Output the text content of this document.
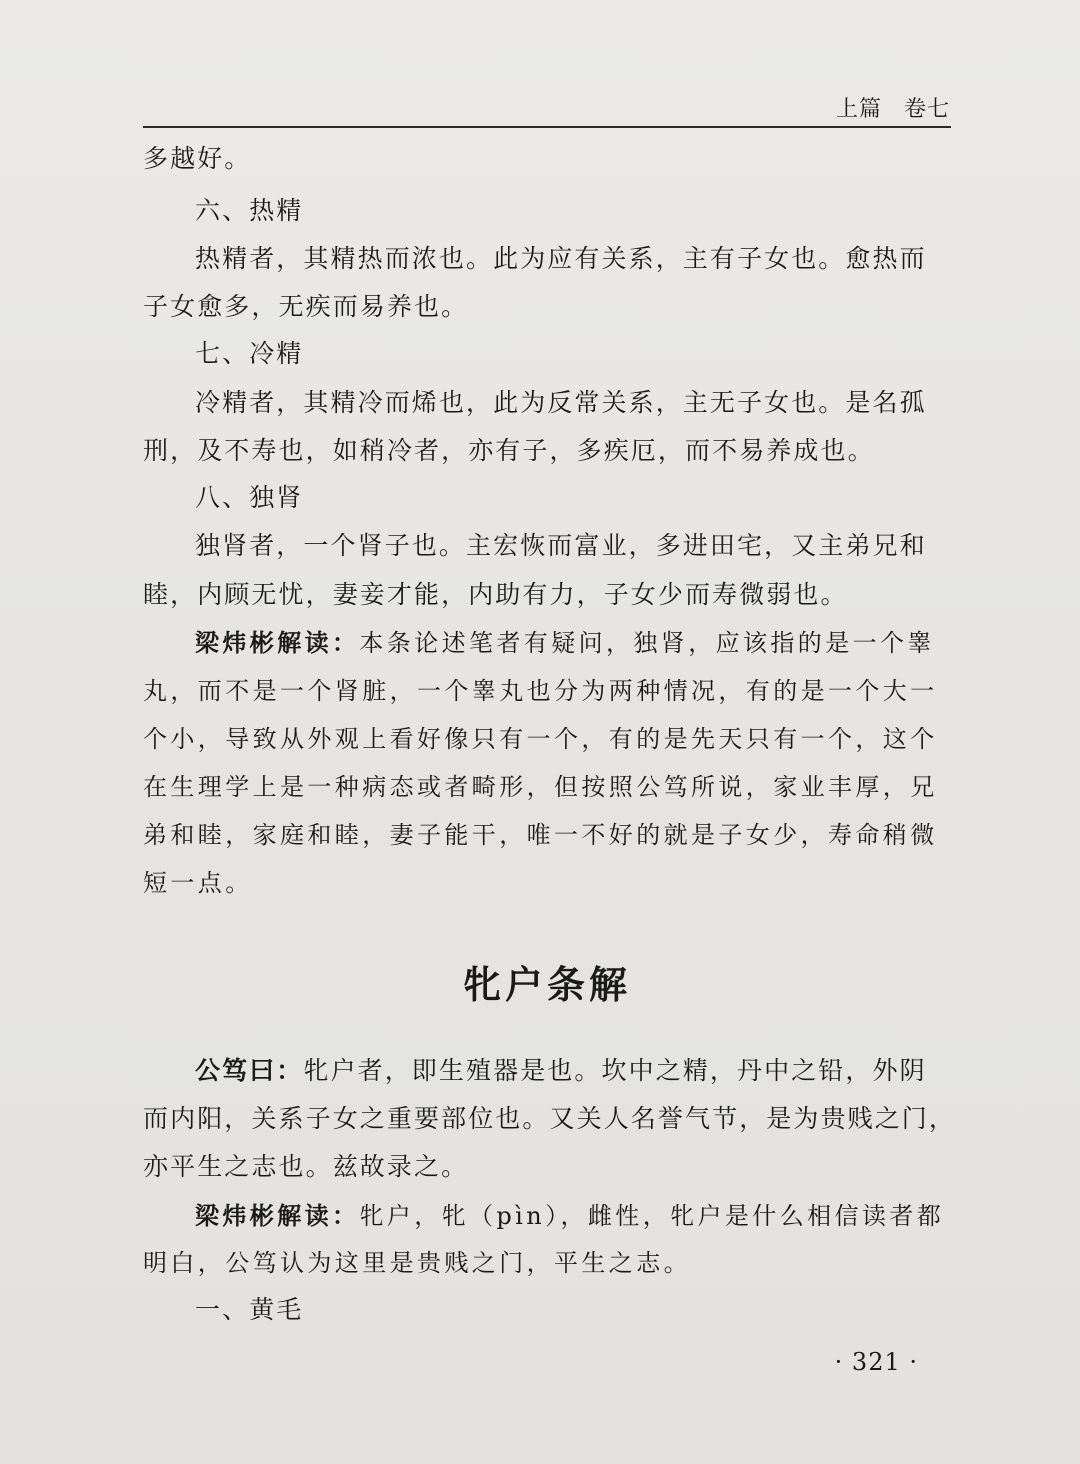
上篇 卷七
多越好。
六、热精
热精者，其精热而浓也。此为应有关系，主有子女也。愈热而
子女愈多，无疾而易养也。
七、冷精
冷精者，其精冷而烯也，此为反常关系，主无子女也。是名孤
刑，及不寿也，如稍冷者，亦有子，多疾厄，而不易养成也。
八、独肾
独肾者，一个肾子也。主宏恢而富业，多进田宅，又主弟兄和
睦，内顾无忧，妻妾才能，内助有力，子女少而寿微弱也。
梁炜彬解读：本条论述笔者有疑问，独肾，应该指的是一个睾
丸，而不是一个肾脏，一个睾丸也分为两种情况，有的是一个大一
个小，导致从外观上看好像只有一个，有的是先天只有一个，这个
在生理学上是一种病态或者畸形，但按照公笃所说，家业丰厚，兄
弟和睦，家庭和睦，妻子能干，唯一不好的就是子女少，寿命稍微
短一点。
牝户条解
公笃曰：牝户者，即生殖器是也。坎中之精，丹中之铅，外阴
而内阳，关系子女之重要部位也。又关人名誉气节，是为贵贱之门，
亦平生之志也。兹故录之。
梁炜彬解读：牝户，牝（pìn），雌性，牝户是什么相信读者都
明白，公笃认为这里是贵贱之门，平生之志。
一、黄毛
· 321 ·
